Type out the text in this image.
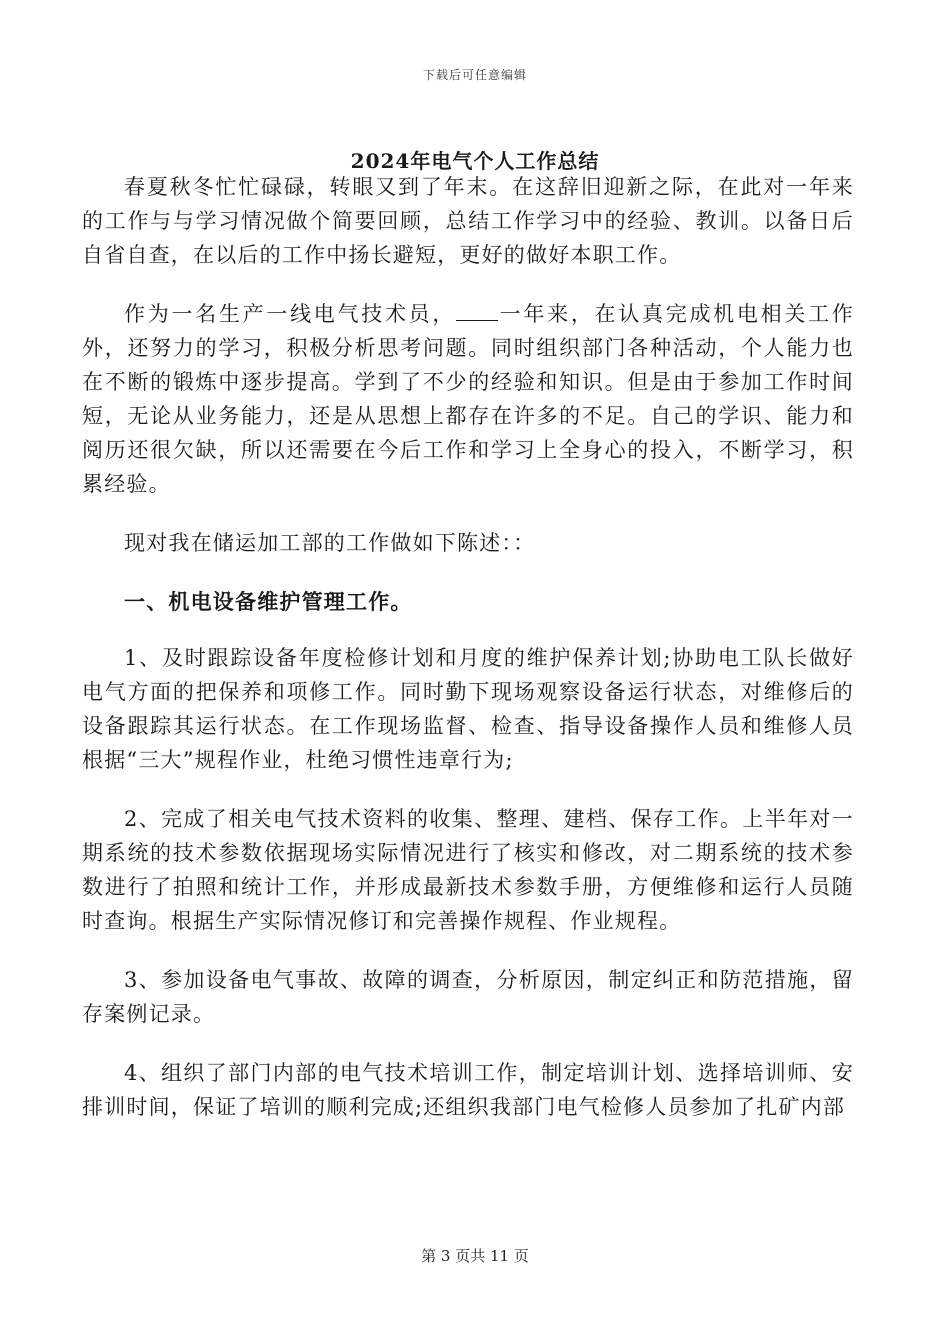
下载后可任意编辑
2024年电气个人工作总结

春夏秋冬忙忙碌碌，转眼又到了年末。在这辞旧迎新之际，在此对一年来的工作与与学习情况做个简要回顾，总结工作学习中的经验、教训。以备日后自省自查，在以后的工作中扬长避短，更好的做好本职工作。

作为一名生产一线电气技术员， 一年来，在认真完成机电相关工作外，还努力的学习，积极分析思考问题。同时组织部门各种活动，个人能力也在不断的锻炼中逐步提高。学到了不少的经验和知识。但是由于参加工作时间短，无论从业务能力，还是从思想上都存在许多的不足。自己的学识、能力和阅历还很欠缺，所以还需要在今后工作和学习上全身心的投入，不断学习，积累经验。

现对我在储运加工部的工作做如下陈述：：

一、机电设备维护管理工作。

1、及时跟踪设备年度检修计划和月度的维护保养计划;协助电工队长做好电气方面的把保养和项修工作。同时勤下现场观察设备运行状态，对维修后的设备跟踪其运行状态。在工作现场监督、检查、指导设备操作人员和维修人员根据“三大”规程作业，杜绝习惯性违章行为;

2、完成了相关电气技术资料的收集、整理、建档、保存工作。上半年对一期系统的技术参数依据现场实际情况进行了核实和修改，对二期系统的技术参数进行了拍照和统计工作，并形成最新技术参数手册，方便维修和运行人员随时查询。根据生产实际情况修订和完善操作规程、作业规程。

3、参加设备电气事故、故障的调查，分析原因，制定纠正和防范措施，留存案例记录。

4、组织了部门内部的电气技术培训工作，制定培训计划、选择培训师、安排训时间，保证了培训的顺利完成;还组织我部门电气检修人员参加了扎矿内部

第 3 页共 11 页
